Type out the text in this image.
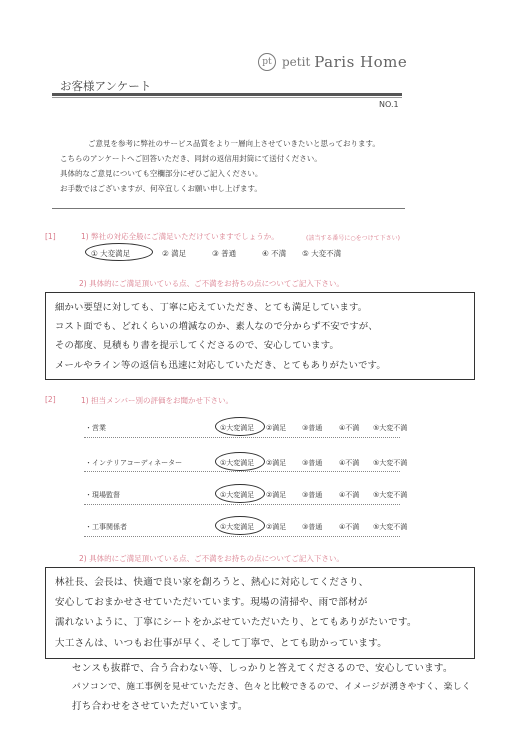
pt petit Paris Home
お客様アンケート
NO.1
ご意見を参考に弊社のサービス品質をより一層向上させていきたいと思っております。
こちらのアンケートへご回答いただき、同封の返信用封筒にて送付ください。
具体的なご意見についても空欄部分にぜひご記入ください。
お手数ではございますが、何卒宜しくお願い申し上げます。
[1]	1) 弊社の対応全般にご満足いただけていますでしょうか。	(該当する番号に○をつけて下さい)
① 大変満足	② 満足	③ 普通	④ 不満 ⑤ 大変不満
2) 具体的にご満足頂いている点、ご不満をお持ちの点についてご記入下さい。
細かい要望に対しても、丁寧に応えていただき、とても満足しています。
コスト面でも、どれくらいの増減なのか、素人なので分からず不安ですが、
その都度、見積もり書を提示してくださるので、安心しています。
メールやライン等の返信も迅速に対応していただき、とてもありがたいです。
[2]	1) 担当メンバー別の評価をお聞かせ下さい。
・営業	①大変満足 ②満足 ③普通 ④不満 ⑤大変不満
・インテリアコーディネーター	①大変満足 ②満足 ③普通 ④不満 ⑤大変不満
・現場監督	①大変満足 ②満足 ③普通 ④不満 ⑤大変不満
・工事関係者	①大変満足 ②満足 ③普通 ④不満 ⑤大変不満
2) 具体的にご満足頂いている点、ご不満をお持ちの点についてご記入下さい。
林社長、会長は、快適で良い家を創ろうと、熱心に対応してくださり、
安心しておまかせさせていただいています。現場の清掃や、雨で部材が
濡れないように、丁寧にシートをかぶせていただいたり、とてもありがたいです。
大工さんは、いつもお仕事が早く、そして丁寧で、とても助かっています。
センスも抜群で、合う合わない等、しっかりと答えてくださるので、安心しています。
パソコンで、施工事例を見せていただき、色々と比較できるので、イメージが湧きやすく、楽しく
打ち合わせをさせていただいています。
